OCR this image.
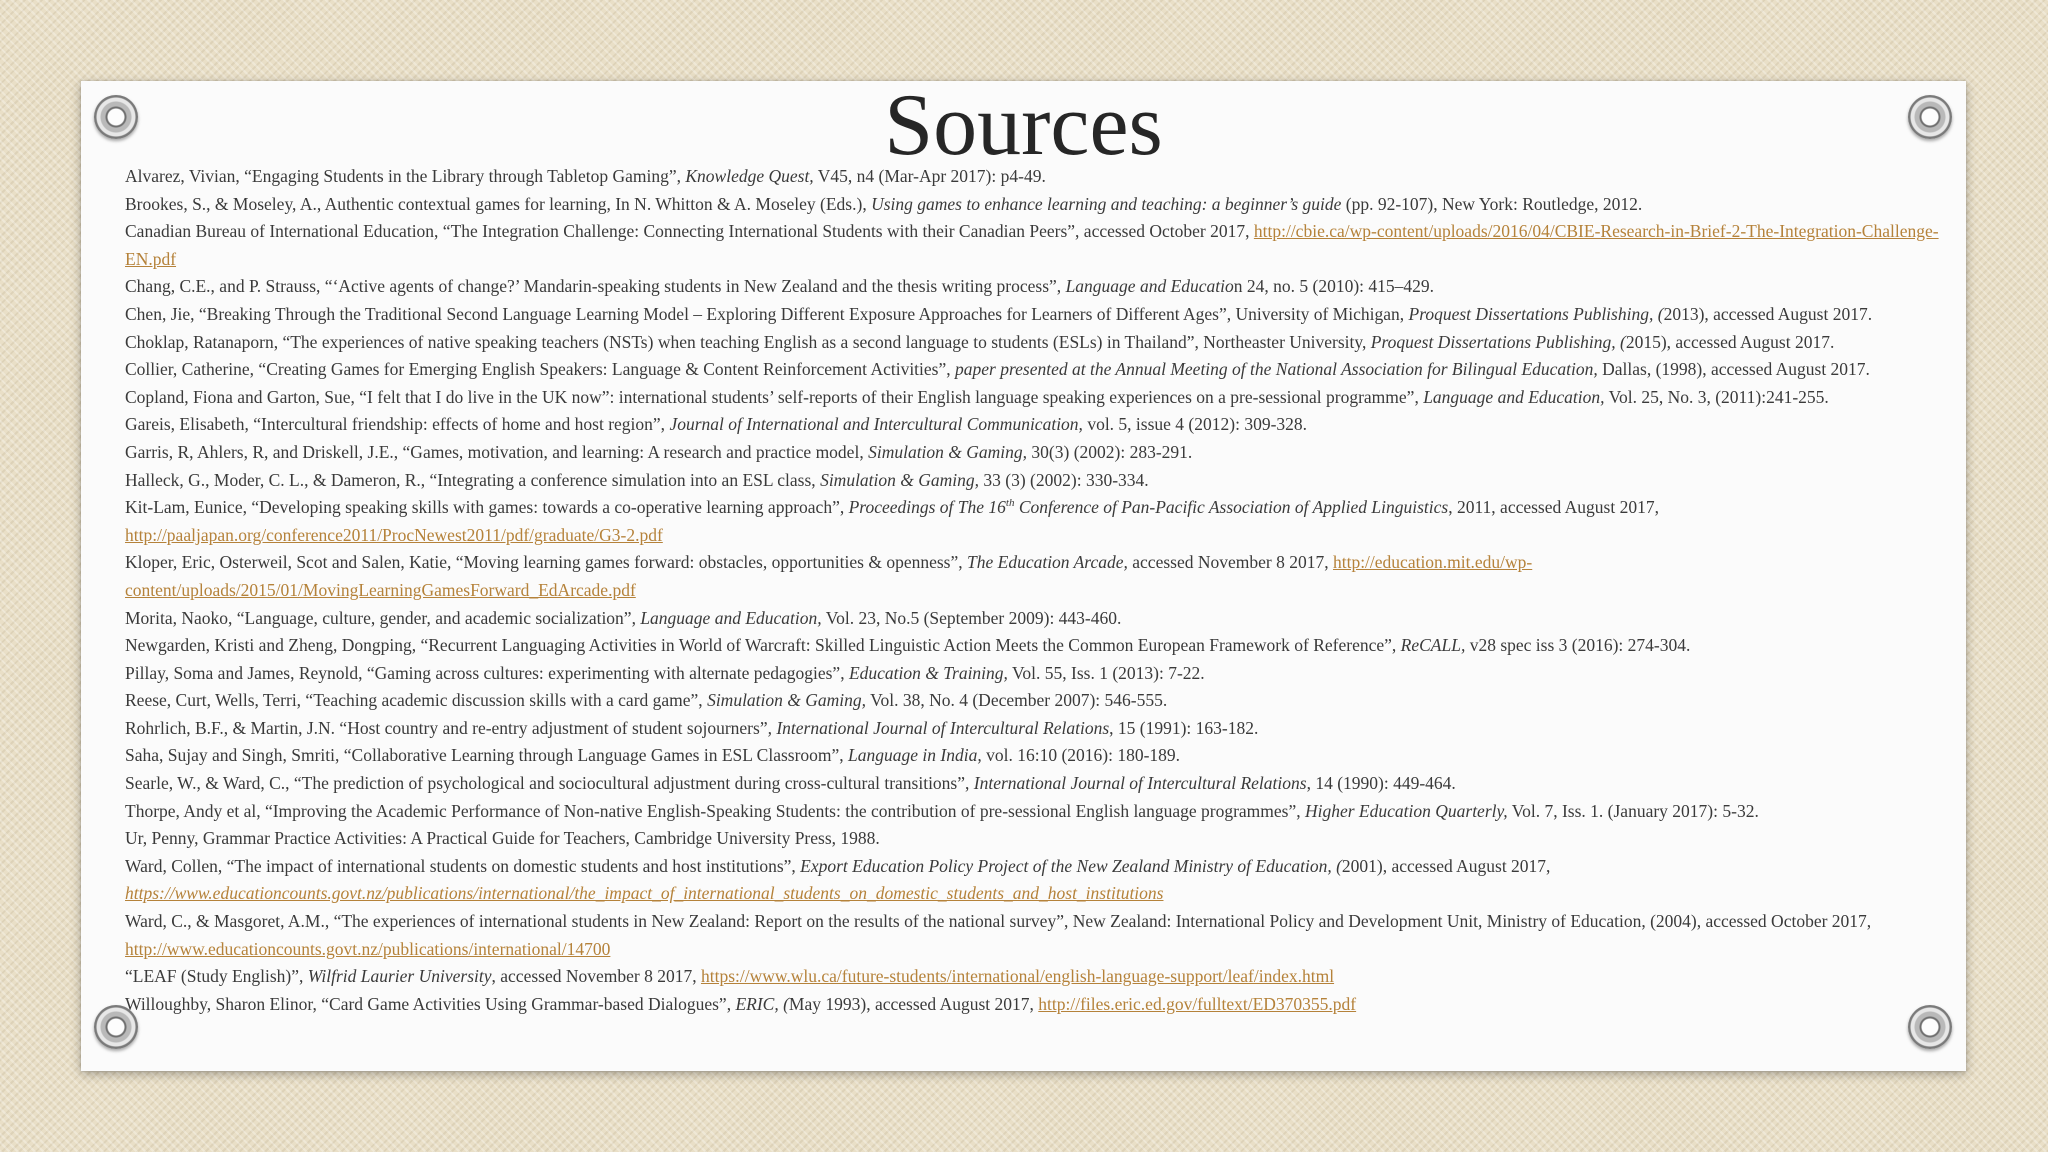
Sources

Alvarez, Vivian, “Engaging Students in the Library through Tabletop Gaming”, Knowledge Quest, V45, n4 (Mar-Apr 2017): p4-49.

Brookes, S., & Moseley, A., Authentic contextual games for learning, In N. Whitton & A. Moseley (Eds.), Using games to enhance learning and teaching: a beginner’s guide (pp. 92-107), New York: Routledge, 2012.

Canadian Bureau of International Education, “The Integration Challenge: Connecting International Students with their Canadian Peers”, accessed October 2017, http://cbie.ca/wp-content/uploads/2016/04/CBIE-Research-in-Brief-2-The-Integration-Challenge-EN.pdf

Chang, C.E., and P. Strauss, “‘Active agents of change?’ Mandarin-speaking students in New Zealand and the thesis writing process”, Language and Education 24, no. 5 (2010): 415–429.

Chen, Jie, “Breaking Through the Traditional Second Language Learning Model – Exploring Different Exposure Approaches for Learners of Different Ages”, University of Michigan, Proquest Dissertations Publishing, (2013), accessed August 2017.

Choklap, Ratanaporn, “The experiences of native speaking teachers (NSTs) when teaching English as a second language to students (ESLs) in Thailand”, Northeaster University, Proquest Dissertations Publishing, (2015), accessed August 2017.

Collier, Catherine, “Creating Games for Emerging English Speakers: Language & Content Reinforcement Activities”, paper presented at the Annual Meeting of the National Association for Bilingual Education, Dallas, (1998), accessed August 2017.

Copland, Fiona and Garton, Sue, “I felt that I do live in the UK now”: international students’ self-reports of their English language speaking experiences on a pre-sessional programme”, Language and Education, Vol. 25, No. 3, (2011):241-255.

Gareis, Elisabeth, “Intercultural friendship: effects of home and host region”, Journal of International and Intercultural Communication, vol. 5, issue 4 (2012): 309-328.

Garris, R, Ahlers, R, and Driskell, J.E., “Games, motivation, and learning: A research and practice model, Simulation & Gaming, 30(3) (2002): 283-291.

Halleck, G., Moder, C. L., & Dameron, R., “Integrating a conference simulation into an ESL class, Simulation & Gaming, 33 (3) (2002): 330-334.

Kit-Lam, Eunice, “Developing speaking skills with games: towards a co-operative learning approach”, Proceedings of The 16th Conference of Pan-Pacific Association of Applied Linguistics, 2011, accessed August 2017, http://paaljapan.org/conference2011/ProcNewest2011/pdf/graduate/G3-2.pdf

Kloper, Eric, Osterweil, Scot and Salen, Katie, “Moving learning games forward: obstacles, opportunities & openness”, The Education Arcade, accessed November 8 2017, http://education.mit.edu/wp-content/uploads/2015/01/MovingLearningGamesForward_EdArcade.pdf

Morita, Naoko, “Language, culture, gender, and academic socialization”, Language and Education, Vol. 23, No.5 (September 2009): 443-460.

Newgarden, Kristi and Zheng, Dongping, “Recurrent Languaging Activities in World of Warcraft: Skilled Linguistic Action Meets the Common European Framework of Reference”, ReCALL, v28 spec iss 3 (2016): 274-304.

Pillay, Soma and James, Reynold, “Gaming across cultures: experimenting with alternate pedagogies”, Education & Training, Vol. 55, Iss. 1 (2013): 7-22.

Reese, Curt, Wells, Terri, “Teaching academic discussion skills with a card game”, Simulation & Gaming, Vol. 38, No. 4 (December 2007): 546-555.

Rohrlich, B.F., & Martin, J.N. “Host country and re-entry adjustment of student sojourners”, International Journal of Intercultural Relations, 15 (1991): 163-182.

Saha, Sujay and Singh, Smriti, “Collaborative Learning through Language Games in ESL Classroom”, Language in India, vol. 16:10 (2016): 180-189.

Searle, W., & Ward, C., “The prediction of psychological and sociocultural adjustment during cross-cultural transitions”, International Journal of Intercultural Relations, 14 (1990): 449-464.

Thorpe, Andy et al, “Improving the Academic Performance of Non-native English-Speaking Students: the contribution of pre-sessional English language programmes”, Higher Education Quarterly, Vol. 7, Iss. 1. (January 2017): 5-32.

Ur, Penny, Grammar Practice Activities: A Practical Guide for Teachers, Cambridge University Press, 1988.

Ward, Collen, “The impact of international students on domestic students and host institutions”, Export Education Policy Project of the New Zealand Ministry of Education, (2001), accessed August 2017,
https://www.educationcounts.govt.nz/publications/international/the_impact_of_international_students_on_domestic_students_and_host_institutions

Ward, C., & Masgoret, A.M., “The experiences of international students in New Zealand: Report on the results of the national survey”, New Zealand: International Policy and Development Unit, Ministry of Education, (2004), accessed October 2017, http://www.educationcounts.govt.nz/publications/international/14700

“LEAF (Study English)”, Wilfrid Laurier University, accessed November 8 2017, https://www.wlu.ca/future-students/international/english-language-support/leaf/index.html

Willoughby, Sharon Elinor, “Card Game Activities Using Grammar-based Dialogues”, ERIC, (May 1993), accessed August 2017, http://files.eric.ed.gov/fulltext/ED370355.pdf
